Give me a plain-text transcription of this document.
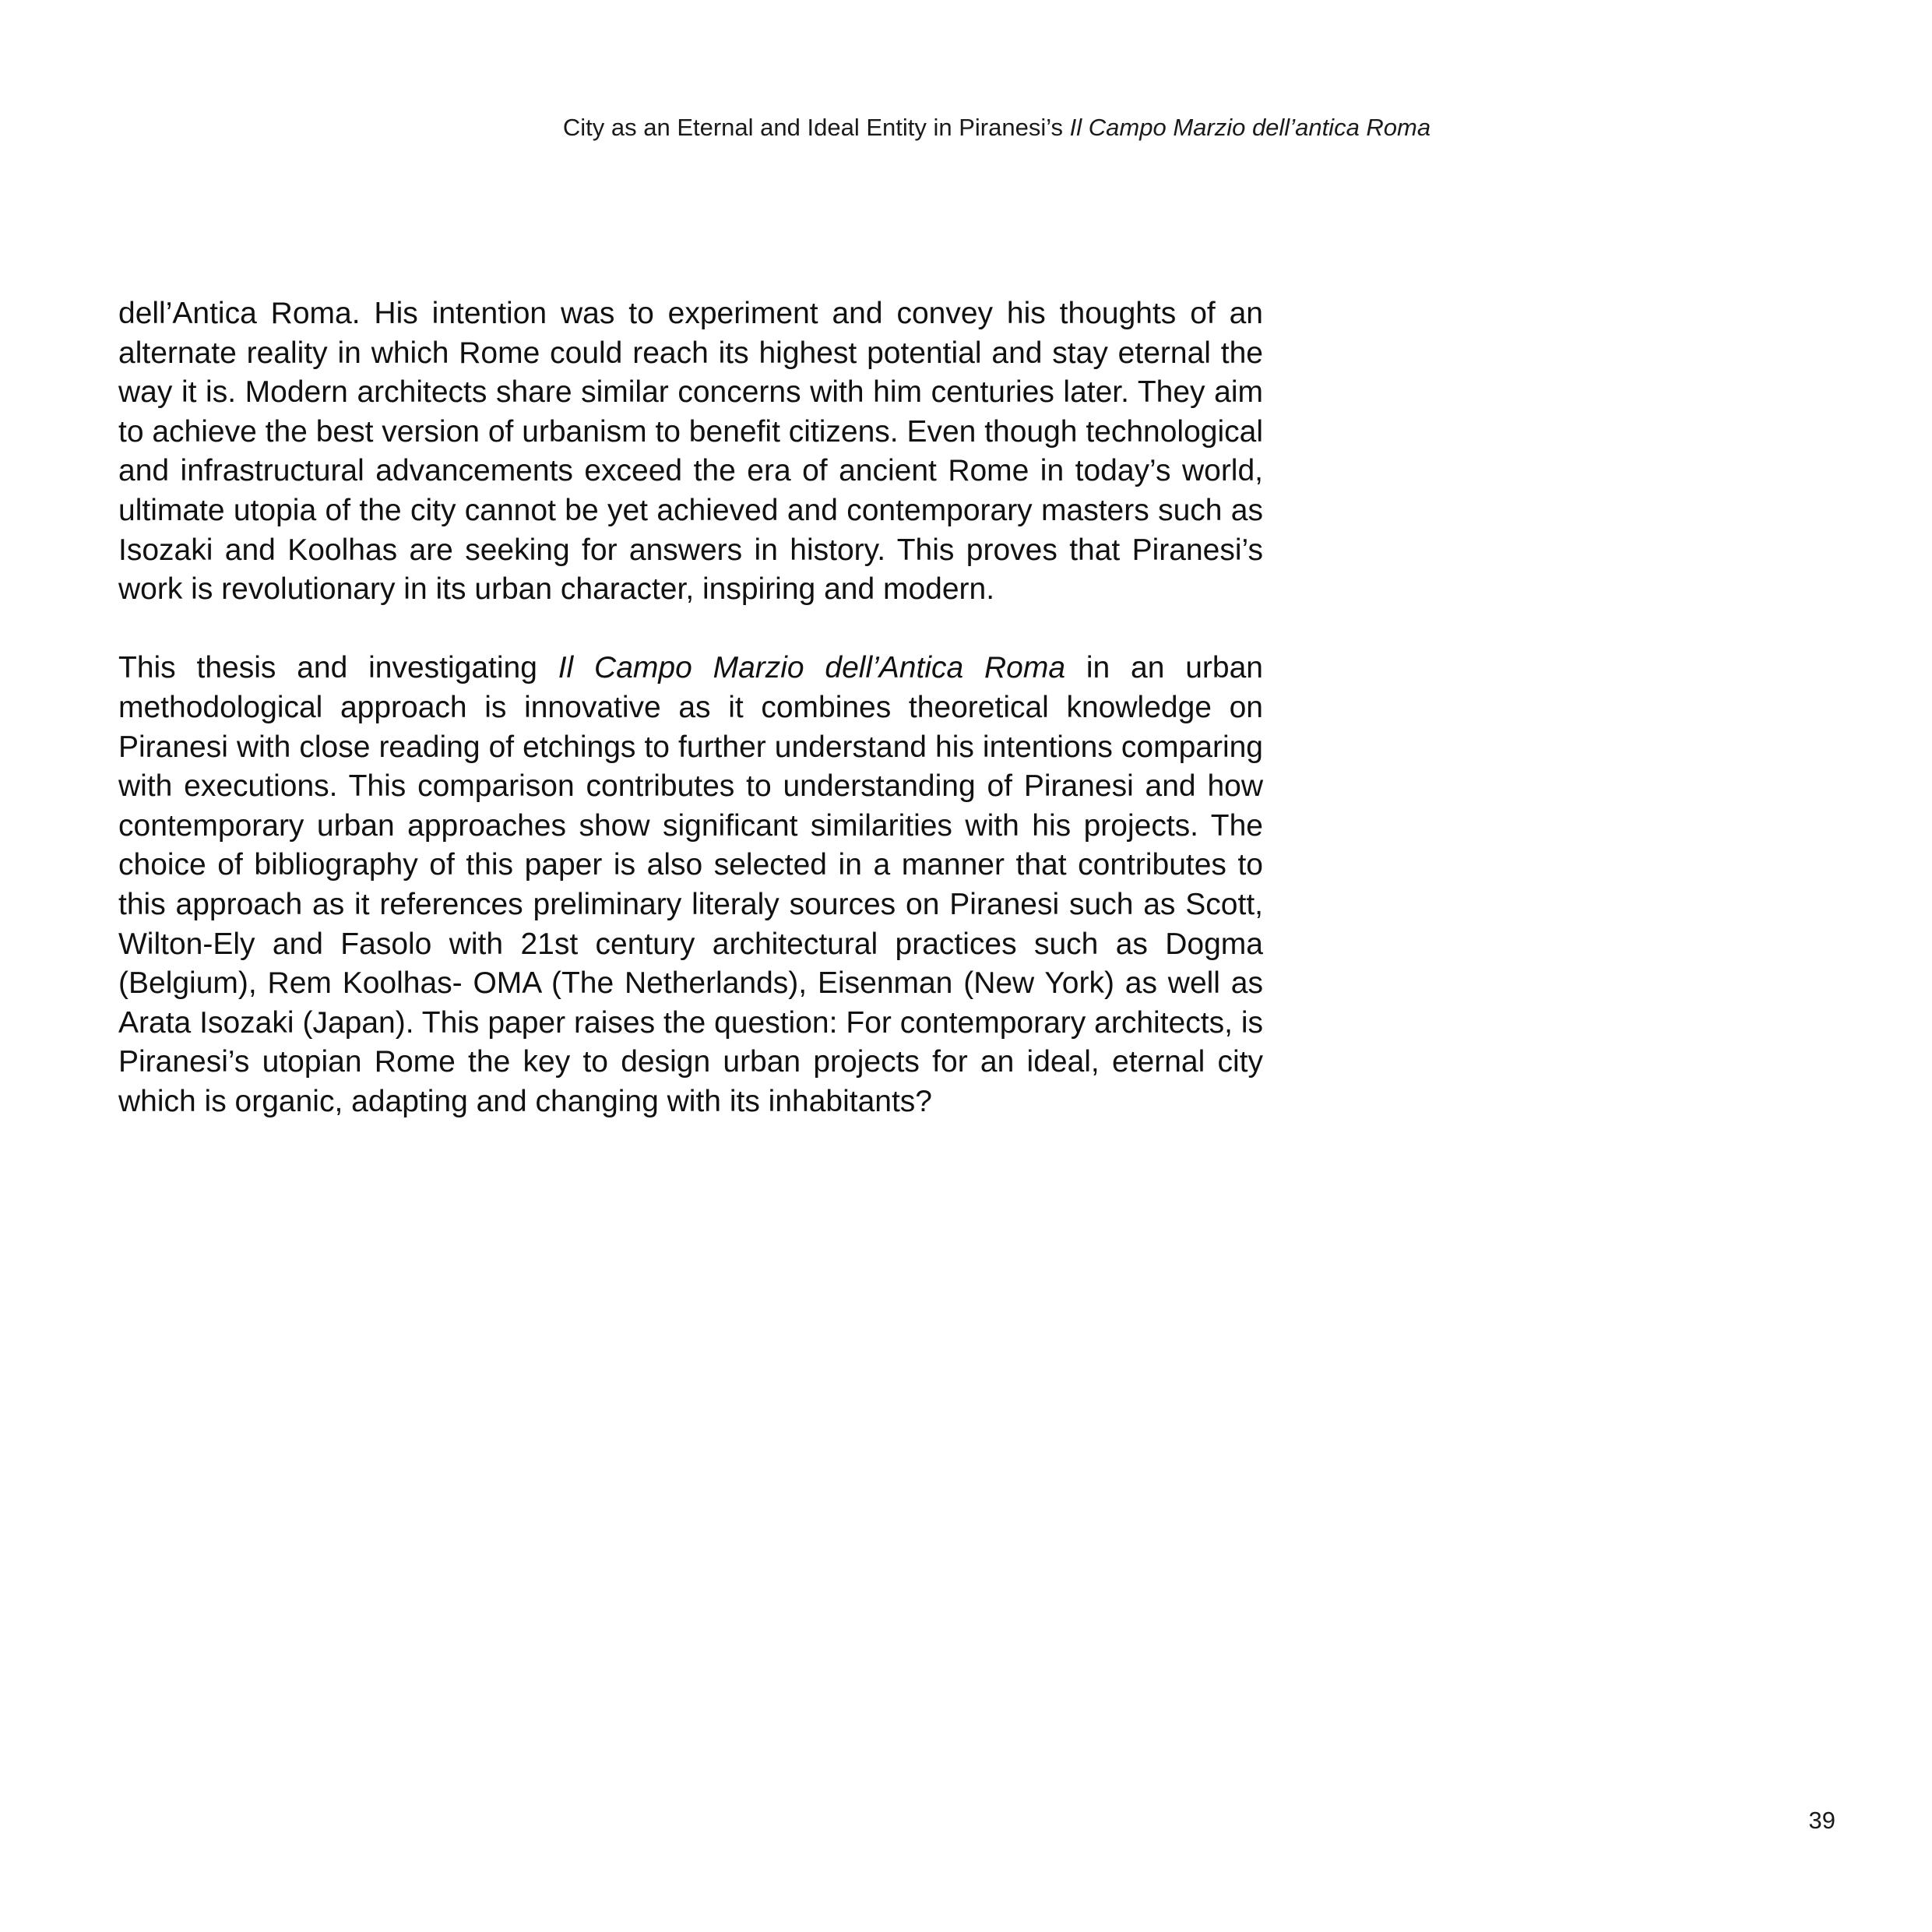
City as an Eternal and Ideal Entity in Piranesi’s Il Campo Marzio dell’antica Roma

dell’Antica Roma. His intention was to experiment and convey his thoughts of an alternate reality in which Rome could reach its highest potential and stay eternal the way it is. Modern architects share similar concerns with him centuries later. They aim to achieve the best version of urbanism to benefit citizens. Even though technological and infrastructural advancements exceed the era of ancient Rome in today’s world, ultimate utopia of the city cannot be yet achieved and contemporary masters such as Isozaki and Koolhas are seeking for answers in history. This proves that Piranesi’s work is revolutionary in its urban character, inspiring and modern.

This thesis and investigating Il Campo Marzio dell’Antica Roma in an urban methodological approach is innovative as it combines theoretical knowledge on Piranesi with close reading of etchings to further understand his intentions comparing with executions. This comparison contributes to understanding of Piranesi and how contemporary urban approaches show significant similarities with his projects. The choice of bibliography of this paper is also selected in a manner that contributes to this approach as it references preliminary literaly sources on Piranesi such as Scott, Wilton-Ely and Fasolo with 21st century architectural practices such as Dogma (Belgium), Rem Koolhas- OMA (The Netherlands), Eisenman (New York) as well as Arata Isozaki (Japan). This paper raises the question: For contemporary architects, is Piranesi’s utopian Rome the key to design urban projects for an ideal, eternal city which is organic, adapting and changing with its inhabitants?

39
